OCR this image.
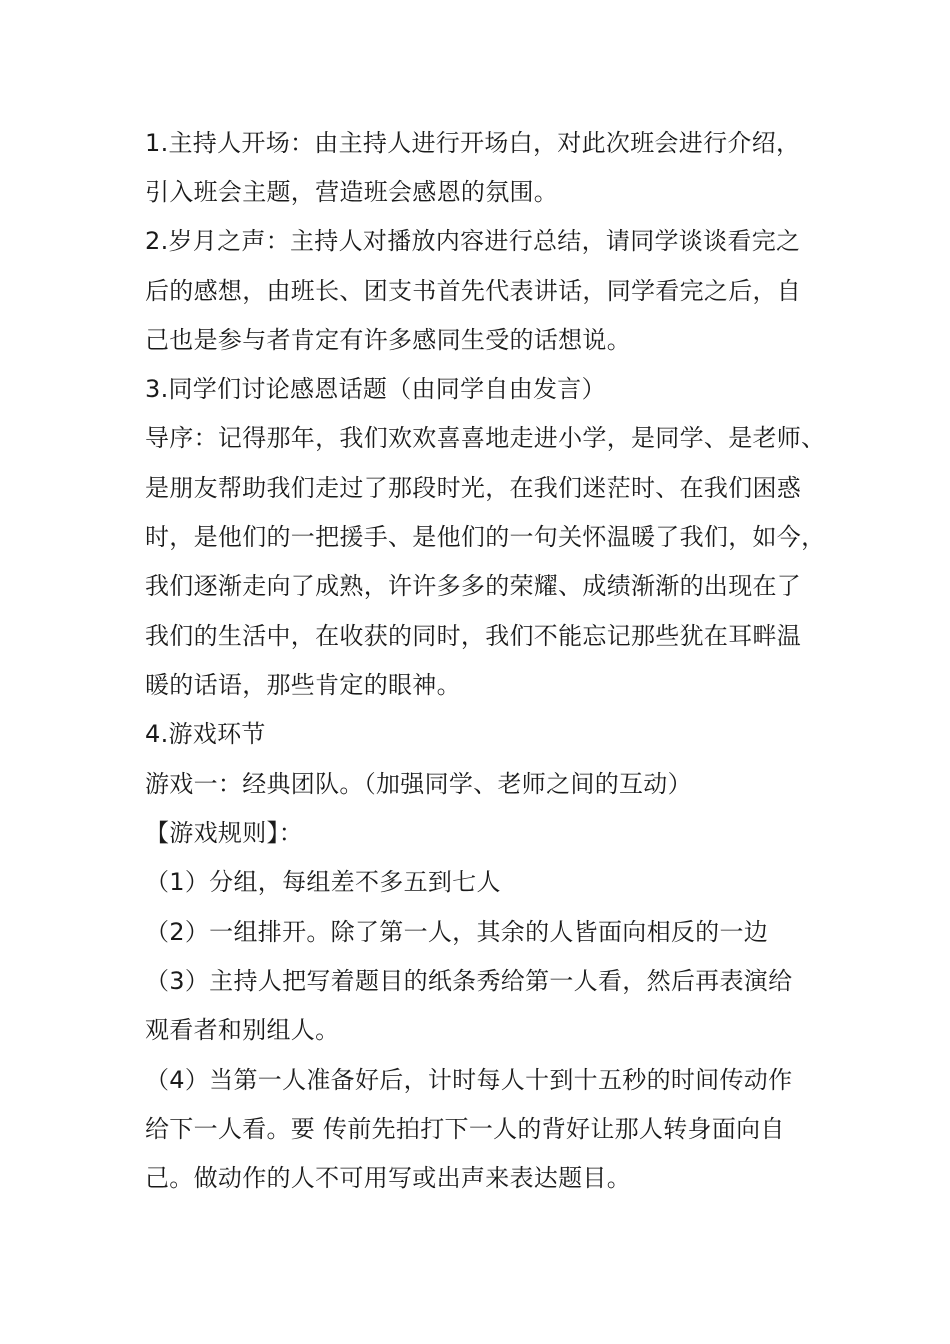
1.主持人开场：由主持人进行开场白，对此次班会进行介绍，
引入班会主题，营造班会感恩的氛围。
2.岁月之声：主持人对播放内容进行总结，请同学谈谈看完之
后的感想，由班长、团支书首先代表讲话，同学看完之后，自
己也是参与者肯定有许多感同生受的话想说。
3.同学们讨论感恩话题（由同学自由发言）
导序：记得那年，我们欢欢喜喜地走进小学，是同学、是老师、
是朋友帮助我们走过了那段时光，在我们迷茫时、在我们困惑
时，是他们的一把援手、是他们的一句关怀温暖了我们，如今，
我们逐渐走向了成熟，许许多多的荣耀、成绩渐渐的出现在了
我们的生活中，在收获的同时，我们不能忘记那些犹在耳畔温
暖的话语，那些肯定的眼神。
4.游戏环节
游戏一：经典团队。（加强同学、老师之间的互动）
【游戏规则】：
（1）分组，每组差不多五到七人
（2）一组排开。除了第一人，其余的人皆面向相反的一边
（3）主持人把写着题目的纸条秀给第一人看，然后再表演给
观看者和别组人。
（4）当第一人准备好后，计时每人十到十五秒的时间传动作
给下一人看。要 传前先拍打下一人的背好让那人转身面向自
己。做动作的人不可用写或出声来表达题目。
